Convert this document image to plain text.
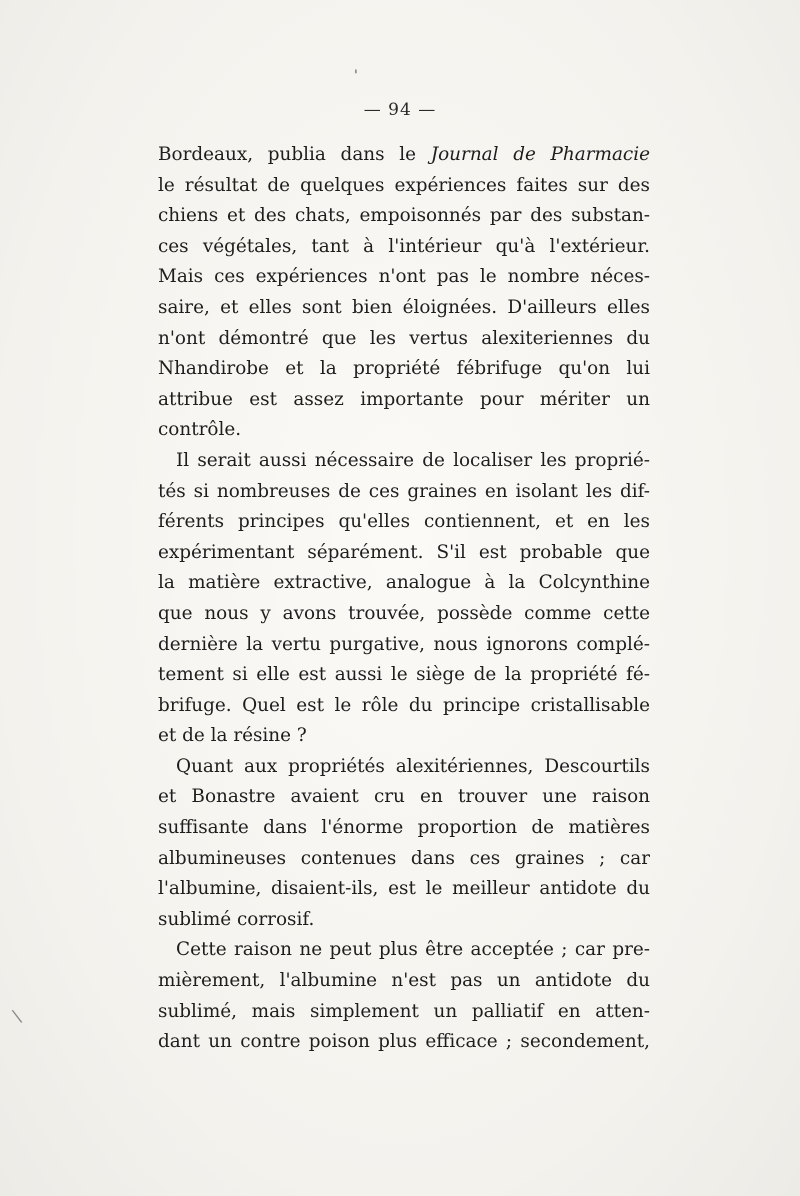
'
\
— 94 —
Bordeaux, publia dans le Journal de Pharmacie
le résultat de quelques expériences faites sur des
chiens et des chats, empoisonnés par des substan-
ces végétales, tant à l'intérieur qu'à l'extérieur.
Mais ces expériences n'ont pas le nombre néces-
saire, et elles sont bien éloignées. D'ailleurs elles
n'ont démontré que les vertus alexiteriennes du
Nhandirobe et la propriété fébrifuge qu'on lui
attribue est assez importante pour mériter un
contrôle.
Il serait aussi nécessaire de localiser les proprié-
tés si nombreuses de ces graines en isolant les dif-
férents principes qu'elles contiennent, et en les
expérimentant séparément. S'il est probable que
la matière extractive, analogue à la Colcynthine
que nous y avons trouvée, possède comme cette
dernière la vertu purgative, nous ignorons complé-
tement si elle est aussi le siège de la propriété fé-
brifuge. Quel est le rôle du principe cristallisable
et de la résine ?
Quant aux propriétés alexitériennes, Descourtils
et Bonastre avaient cru en trouver une raison
suffisante dans l'énorme proportion de matières
albumineuses contenues dans ces graines ; car
l'albumine, disaient-ils, est le meilleur antidote du
sublimé corrosif.
Cette raison ne peut plus être acceptée ; car pre-
mièrement, l'albumine n'est pas un antidote du
sublimé, mais simplement un palliatif en atten-
dant un contre poison plus efficace ; secondement,
